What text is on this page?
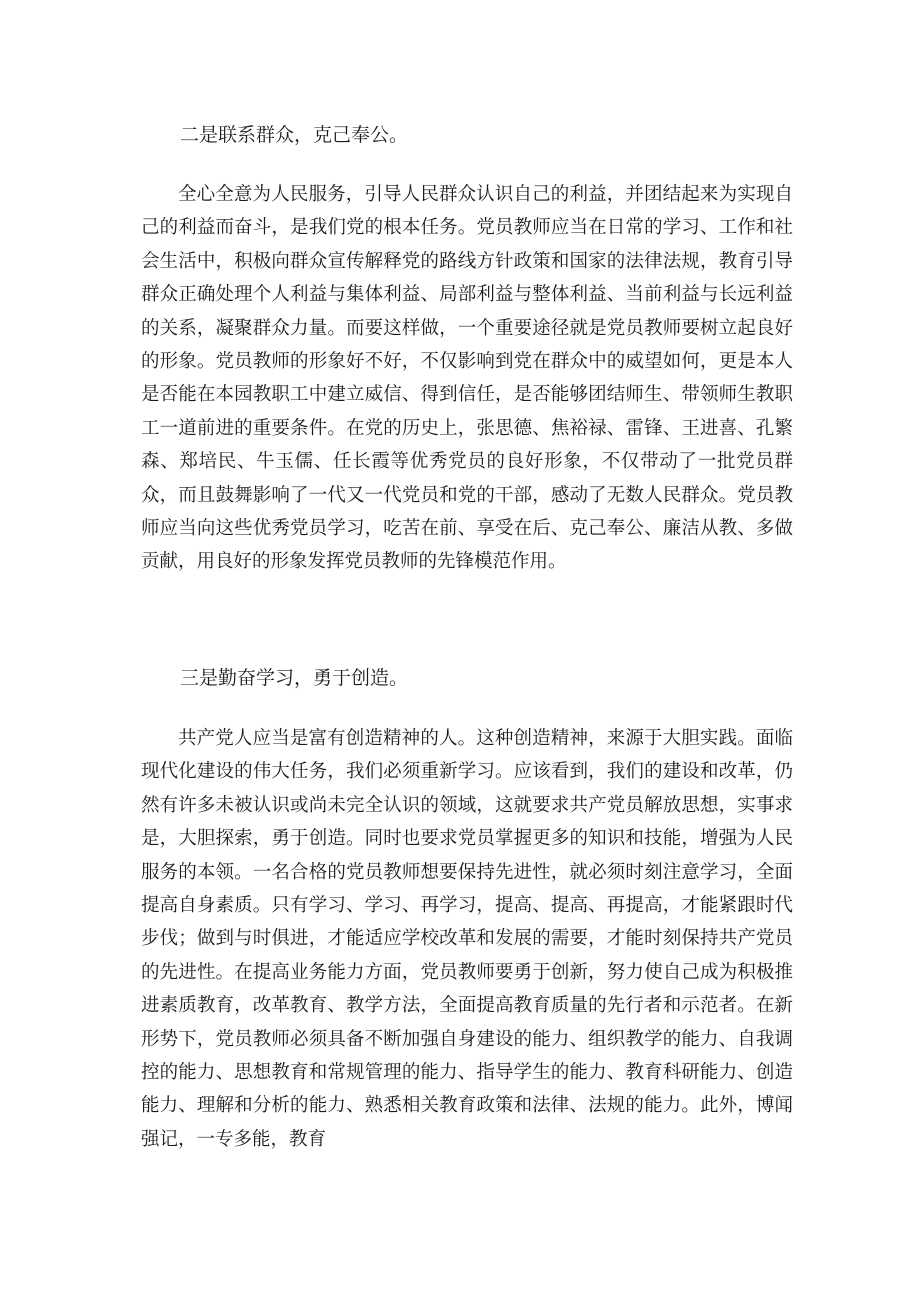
二是联系群众，克己奉公。

全心全意为人民服务，引导人民群众认识自己的利益，并团结起来为实现自己的利益而奋斗，是我们党的根本任务。党员教师应当在日常的学习、工作和社会生活中，积极向群众宣传解释党的路线方针政策和国家的法律法规，教育引导群众正确处理个人利益与集体利益、局部利益与整体利益、当前利益与长远利益的关系，凝聚群众力量。而要这样做，一个重要途径就是党员教师要树立起良好的形象。党员教师的形象好不好，不仅影响到党在群众中的威望如何，更是本人是否能在本园教职工中建立威信、得到信任，是否能够团结师生、带领师生教职工一道前进的重要条件。在党的历史上，张思德、焦裕禄、雷锋、王进喜、孔繁森、郑培民、牛玉儒、任长霞等优秀党员的良好形象，不仅带动了一批党员群众，而且鼓舞影响了一代又一代党员和党的干部，感动了无数人民群众。党员教师应当向这些优秀党员学习，吃苦在前、享受在后、克己奉公、廉洁从教、多做贡献，用良好的形象发挥党员教师的先锋模范作用。

三是勤奋学习，勇于创造。

共产党人应当是富有创造精神的人。这种创造精神，来源于大胆实践。面临现代化建设的伟大任务，我们必须重新学习。应该看到，我们的建设和改革，仍然有许多未被认识或尚未完全认识的领域，这就要求共产党员解放思想，实事求是，大胆探索，勇于创造。同时也要求党员掌握更多的知识和技能，增强为人民服务的本领。一名合格的党员教师想要保持先进性，就必须时刻注意学习，全面提高自身素质。只有学习、学习、再学习，提高、提高、再提高，才能紧跟时代步伐；做到与时俱进，才能适应学校改革和发展的需要，才能时刻保持共产党员的先进性。在提高业务能力方面，党员教师要勇于创新，努力使自己成为积极推进素质教育，改革教育、教学方法，全面提高教育质量的先行者和示范者。在新形势下，党员教师必须具备不断加强自身建设的能力、组织教学的能力、自我调控的能力、思想教育和常规管理的能力、指导学生的能力、教育科研能力、创造能力、理解和分析的能力、熟悉相关教育政策和法律、法规的能力。此外，博闻强记，一专多能，教育
